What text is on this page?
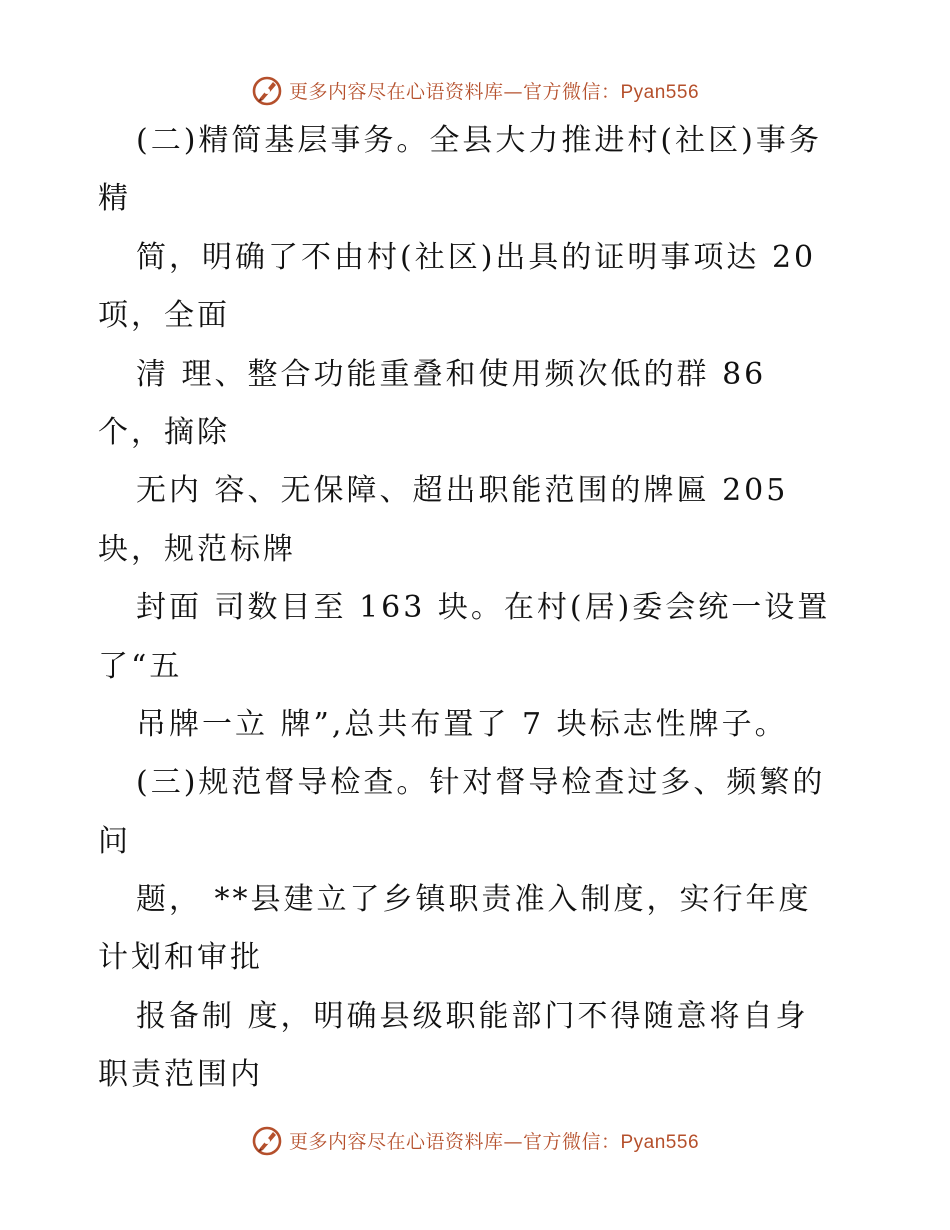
更多内容尽在心语资料库—官方微信：Pyan556
(二)精简基层事务。全县大力推进村(社区)事务
精
简，明确了不由村(社区)出具的证明事项达 20
项，全面
清 理、整合功能重叠和使用频次低的群 86
个，摘除
无内 容、无保障、超出职能范围的牌匾 205
块，规范标牌
封面 司数目至 163 块。在村(居)委会统一设置
了“五
吊牌一立 牌”,总共布置了 7 块标志性牌子。
(三)规范督导检查。针对督导检查过多、频繁的
问
题， **县建立了乡镇职责准入制度，实行年度
计划和审批
报备制 度，明确县级职能部门不得随意将自身
职责范围内
更多内容尽在心语资料库—官方微信：Pyan556
